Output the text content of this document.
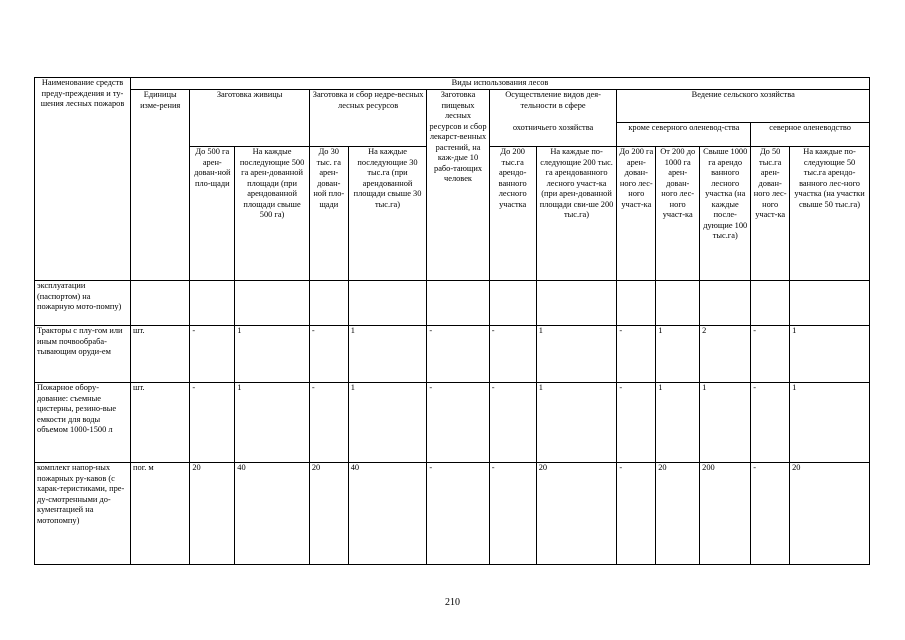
Наименование средств преду-преждения и ту-шения лесных пожаров	Виды использования лесов												
	Единицы изме-рения	Заготовка живицы		Заготовка и сбор недре-весных лесных ресурсов		Заготовка пищевых лесных ресурсов и сбор лекарст-венных растений, на каж-дые 10 рабо-тающих человек	Осуществление видов дея-тельности в сфере		Ведение сельского хозяйства				
							охотничьего хозяйства		кроме северного оленевод-ства			северное оленеводство	
		До 500 га арен-дован-ной пло-щади	На каждые последующие 500 га арен-дованной площади (при арендованной площади свыше 500 га)	До 30 тыс. га арен-дован-ной пло-щади	На каждые последующие 30 тыс.га (при арендованной площади свыше 30 тыс.га)		До 200 тыс.га арендо-ванного лесного участка	На каждые по-следующие 200 тыс. га арендованного лесного участ-ка (при арен-дованной площади сви-ше 200 тыс.га)	До 200 га арен-дован-ного лес-ного участ-ка	От 200 до 1000 га арен-дован-ного лес-ного участ-ка	Свыше 1000 га арендо ванного лесного участка (на каждые после-дующие 100 тыс.га)	До 50 тыс.га арен-дован-ного лес-ного участ-ка	На каждые по-следующие 50 тыс.га арендо-ванного лес-ного участка (на участки свыше 50 тыс.га)
эксплуатации (паспортом) на пожарную мото-помпу)													
Тракторы с плу-гом или иным почвообраба-тывающим оруди-ем	шт.	-	1	-	1	-	-	1	-	1	2	-	1
Пожарное обору-дование: съемные цистерны, резино-вые емкости для воды объемом 1000-1500 л	шт.	-	1	-	1	-	-	1	-	1	1	-	1
комплект напор-ных пожарных ру-кавов (с харак-теристиками, пре-ду-смотренными до-кументацией на мотопомпу)	пог. м	20	40	20	40	-	-	20	-	20	200	-	20
210
